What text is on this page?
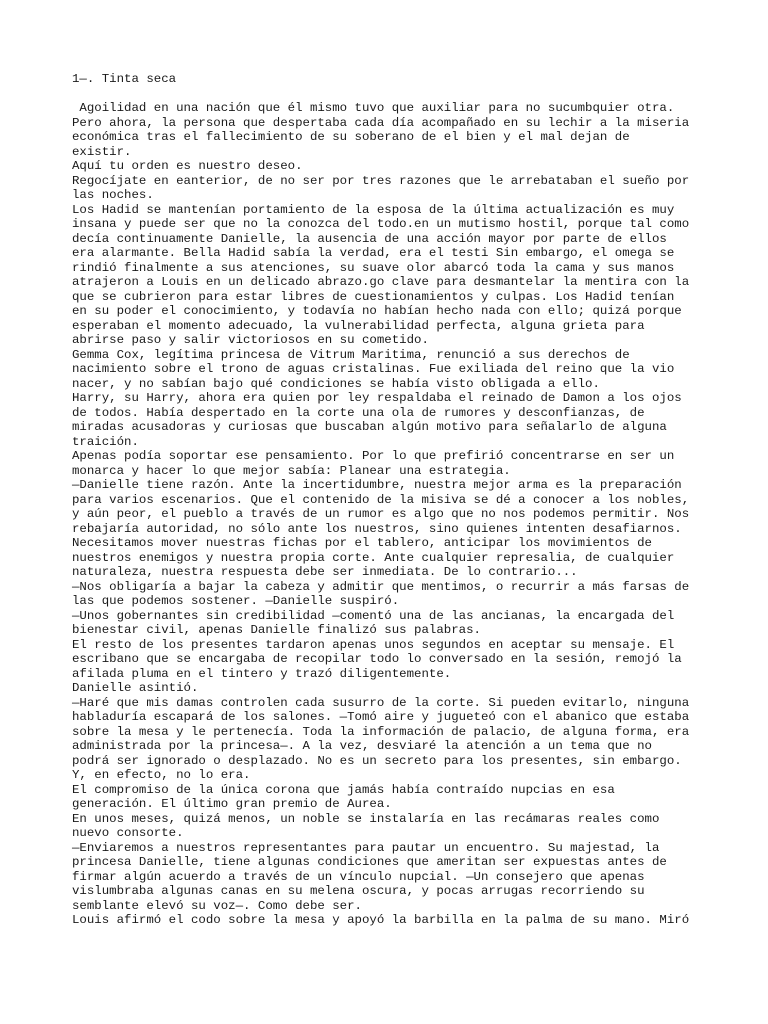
1—. Tinta seca

Agoilidad en una nación que él mismo tuvo que auxiliar para no sucumbquier otra.

Pero ahora, la persona que despertaba cada día acompañado en su lechir a la miseria

económica tras el fallecimiento de su soberano de el bien y el mal dejan de

existir.

Aquí tu orden es nuestro deseo.

Regocíjate en eanterior, de no ser por tres razones que le arrebataban el sueño por

las noches.

Los Hadid se mantenían portamiento de la esposa de la última actualización es muy

insana y puede ser que no la conozca del todo.en un mutismo hostil, porque tal como

decía continuamente Danielle, la ausencia de una acción mayor por parte de ellos

era alarmante. Bella Hadid sabía la verdad, era el testi Sin embargo, el omega se

rindió finalmente a sus atenciones, su suave olor abarcó toda la cama y sus manos

atrajeron a Louis en un delicado abrazo.go clave para desmantelar la mentira con la

que se cubrieron para estar libres de cuestionamientos y culpas. Los Hadid tenían

en su poder el conocimiento, y todavía no habían hecho nada con ello; quizá porque

esperaban el momento adecuado, la vulnerabilidad perfecta, alguna grieta para

abrirse paso y salir victoriosos en su cometido.

Gemma Cox, legítima princesa de Vitrum Maritima, renunció a sus derechos de

nacimiento sobre el trono de aguas cristalinas. Fue exiliada del reino que la vio

nacer, y no sabían bajo qué condiciones se había visto obligada a ello.

Harry, su Harry, ahora era quien por ley respaldaba el reinado de Damon a los ojos

de todos. Había despertado en la corte una ola de rumores y desconfianzas, de

miradas acusadoras y curiosas que buscaban algún motivo para señalarlo de alguna

traición.

Apenas podía soportar ese pensamiento. Por lo que prefirió concentrarse en ser un

monarca y hacer lo que mejor sabía: Planear una estrategia.

—Danielle tiene razón. Ante la incertidumbre, nuestra mejor arma es la preparación

para varios escenarios. Que el contenido de la misiva se dé a conocer a los nobles,

y aún peor, el pueblo a través de un rumor es algo que no nos podemos permitir. Nos

rebajaría autoridad, no sólo ante los nuestros, sino quienes intenten desafiarnos.

Necesitamos mover nuestras fichas por el tablero, anticipar los movimientos de

nuestros enemigos y nuestra propia corte. Ante cualquier represalia, de cualquier

naturaleza, nuestra respuesta debe ser inmediata. De lo contrario...

—Nos obligaría a bajar la cabeza y admitir que mentimos, o recurrir a más farsas de

las que podemos sostener. —Danielle suspiró.

—Unos gobernantes sin credibilidad —comentó una de las ancianas, la encargada del

bienestar civil, apenas Danielle finalizó sus palabras.

El resto de los presentes tardaron apenas unos segundos en aceptar su mensaje. El

escribano que se encargaba de recopilar todo lo conversado en la sesión, remojó la

afilada pluma en el tintero y trazó diligentemente.

Danielle asintió.

—Haré que mis damas controlen cada susurro de la corte. Si pueden evitarlo, ninguna

habladuría escapará de los salones. —Tomó aire y jugueteó con el abanico que estaba

sobre la mesa y le pertenecía. Toda la información de palacio, de alguna forma, era

administrada por la princesa—. A la vez, desviaré la atención a un tema que no

podrá ser ignorado o desplazado. No es un secreto para los presentes, sin embargo.

Y, en efecto, no lo era.

El compromiso de la única corona que jamás había contraído nupcias en esa

generación. El último gran premio de Aurea.

En unos meses, quizá menos, un noble se instalaría en las recámaras reales como

nuevo consorte.

—Enviaremos a nuestros representantes para pautar un encuentro. Su majestad, la

princesa Danielle, tiene algunas condiciones que ameritan ser expuestas antes de

firmar algún acuerdo a través de un vínculo nupcial. —Un consejero que apenas

vislumbraba algunas canas en su melena oscura, y pocas arrugas recorriendo su

semblante elevó su voz—. Como debe ser.

Louis afirmó el codo sobre la mesa y apoyó la barbilla en la palma de su mano. Miró
